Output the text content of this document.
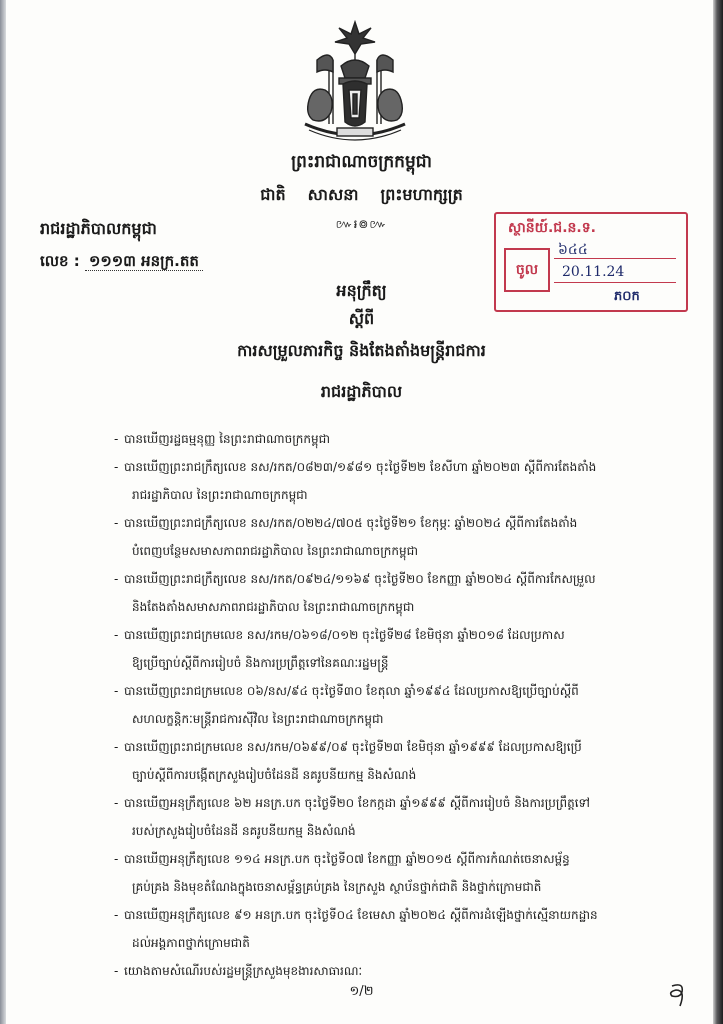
ព្រះរាជាណាចក្រកម្ពុជា
ជាតិ សាសនា ព្រះមហាក្សត្រ
៚៛៙៚
រាជរដ្ឋាភិបាលកម្ពុជា
លេខ : ១១១៣ អនក្រ.តត
ស្ថានីយ៍.ជ.ន.ទ.
ចូល
៦៤៤
20.11.24
ភ០ក
អនុក្រឹត្យ
ស្តីពី
ការសម្រួលភារកិច្ច និងតែងតាំងមន្ត្រីរាជការ
រាជរដ្ឋាភិបាល
- បានឃើញរដ្ឋធម្មនុញ្ញ នៃព្រះរាជាណាចក្រកម្ពុជា
- បានឃើញព្រះរាជក្រឹត្យលេខ នស/រកត/០៨២៣/១៩៨១ ចុះថ្ងៃទី២២ ខែសីហា ឆ្នាំ២០២៣ ស្តីពីការតែងតាំង
រាជរដ្ឋាភិបាល នៃព្រះរាជាណាចក្រកម្ពុជា
- បានឃើញព្រះរាជក្រឹត្យលេខ នស/រកត/០២២៤/៧០៥ ចុះថ្ងៃទី២១ ខែកុម្ភៈ ឆ្នាំ២០២៤ ស្តីពីការតែងតាំង
បំពេញបន្ថែមសមាសភាពរាជរដ្ឋាភិបាល នៃព្រះរាជាណាចក្រកម្ពុជា
- បានឃើញព្រះរាជក្រឹត្យលេខ នស/រកត/០៩២៤/១១៦៩ ចុះថ្ងៃទី២០ ខែកញ្ញា ឆ្នាំ២០២៤ ស្តីពីការកែសម្រួល
និងតែងតាំងសមាសភាពរាជរដ្ឋាភិបាល នៃព្រះរាជាណាចក្រកម្ពុជា
- បានឃើញព្រះរាជក្រមលេខ នស/រកម/០៦១៨/០១២ ចុះថ្ងៃទី២៨ ខែមិថុនា ឆ្នាំ២០១៨ ដែលប្រកាស
ឱ្យប្រើច្បាប់ស្តីពីការរៀបចំ និងការប្រព្រឹត្តទៅនៃគណៈរដ្ឋមន្ត្រី
- បានឃើញព្រះរាជក្រមលេខ ០៦/នស/៩៤ ចុះថ្ងៃទី៣០ ខែតុលា ឆ្នាំ១៩៩៤ ដែលប្រកាសឱ្យប្រើច្បាប់ស្តីពី
សហលក្ខន្តិកៈមន្ត្រីរាជការស៊ីវិល នៃព្រះរាជាណាចក្រកម្ពុជា
- បានឃើញព្រះរាជក្រមលេខ នស/រកម/០៦៩៩/០៩ ចុះថ្ងៃទី២៣ ខែមិថុនា ឆ្នាំ១៩៩៩ ដែលប្រកាសឱ្យប្រើ
ច្បាប់ស្តីពីការបង្កើតក្រសួងរៀបចំដែនដី នគរូបនីយកម្ម និងសំណង់
- បានឃើញអនុក្រឹត្យលេខ ៦២ អនក្រ.បក ចុះថ្ងៃទី២០ ខែកក្កដា ឆ្នាំ១៩៩៩ ស្តីពីការរៀបចំ និងការប្រព្រឹត្តទៅ
របស់ក្រសួងរៀបចំដែនដី នគរូបនីយកម្ម និងសំណង់
- បានឃើញអនុក្រឹត្យលេខ ១១៤ អនក្រ.បក ចុះថ្ងៃទី០៧ ខែកញ្ញា ឆ្នាំ២០១៥ ស្តីពីការកំណត់ចេនាសម្ព័ន្ធ
គ្រប់គ្រង និងមុខតំណែងក្នុងចេនាសម្ព័ន្ធគ្រប់គ្រង នៃក្រសួង ស្ថាប័នថ្នាក់ជាតិ និងថ្នាក់ក្រោមជាតិ
- បានឃើញអនុក្រឹត្យលេខ ៩១ អនក្រ.បក ចុះថ្ងៃទី០៤ ខែមេសា ឆ្នាំ២០២៤ ស្តីពីការដំឡើងថ្នាក់ស្មើនាយកដ្ឋាន
ដល់អង្គភាពថ្នាក់ក្រោមជាតិ
- យោងតាមសំណើរបស់រដ្ឋមន្ត្រីក្រសួងមុខងារសាធារណៈ
១/២
